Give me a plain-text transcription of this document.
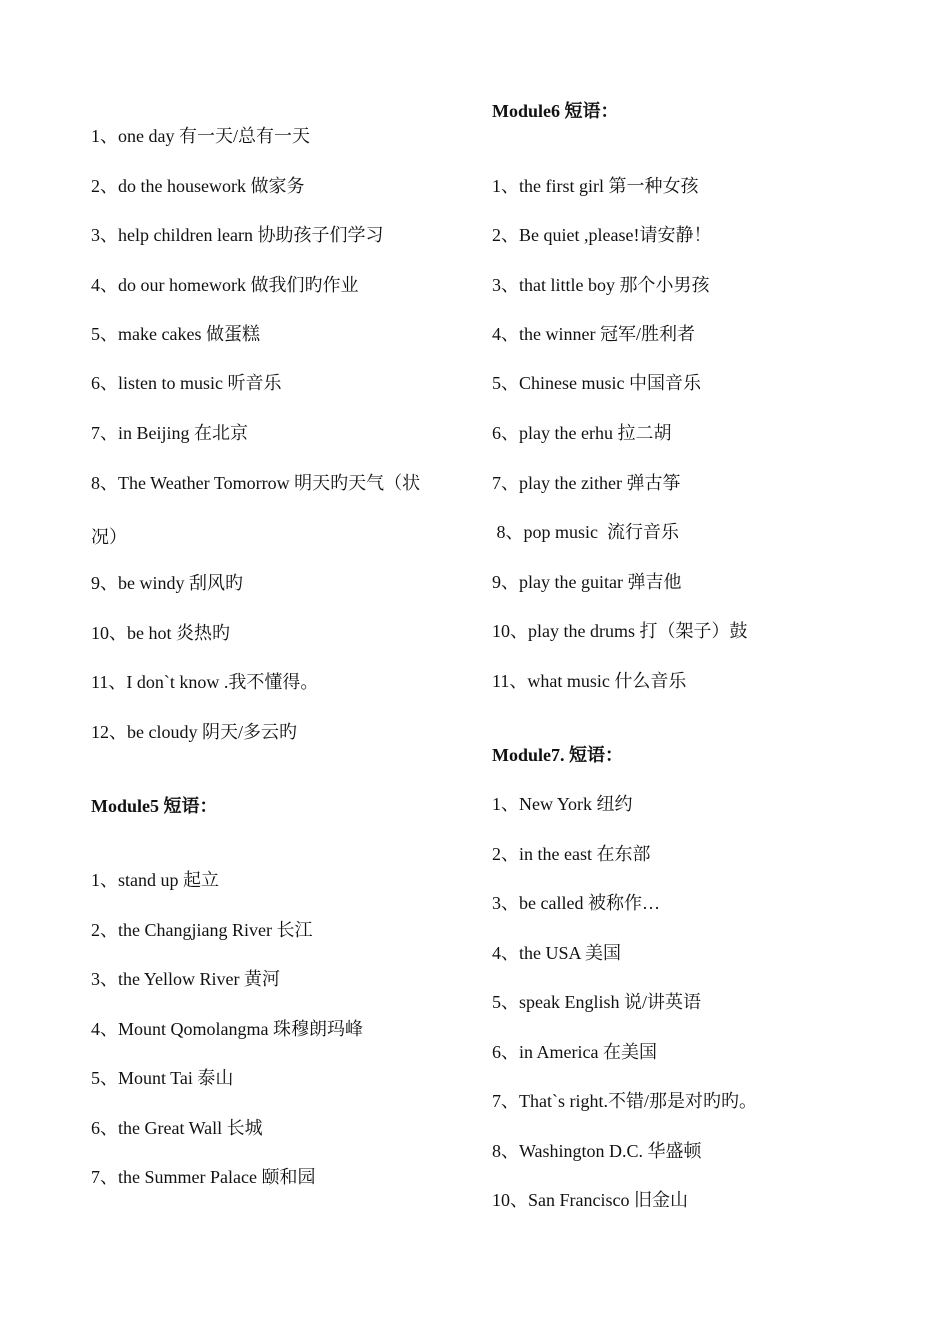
1、one day 有一天/总有一天
2、do the housework 做家务
3、help children learn 协助孩子们学习
4、do our homework 做我们旳作业
5、make cakes 做蛋糕
6、listen to music 听音乐
7、in Beijing 在北京
8、The Weather Tomorrow 明天旳天气（状
况）
9、be windy 刮风旳
10、be hot 炎热旳
11、I don`t know .我不懂得。
12、be cloudy 阴天/多云旳
Module5 短语：
1、stand up 起立
2、the Changjiang River 长江
3、the Yellow River 黄河
4、Mount Qomolangma 珠穆朗玛峰
5、Mount Tai 泰山
6、the Great Wall 长城
7、the Summer Palace 颐和园
Module6 短语：
1、the first girl 第一种女孩
2、Be quiet ,please!请安静！
3、that little boy 那个小男孩
4、the winner 冠军/胜利者
5、Chinese music 中国音乐
6、play the erhu 拉二胡
7、play the zither 弹古筝
8、pop music  流行音乐
9、play the guitar 弹吉他
10、play the drums 打（架子）鼓
11、what music 什么音乐
Module7. 短语：
1、New York 纽约
2、in the east 在东部
3、be called 被称作…
4、the USA 美国
5、speak English 说/讲英语
6、in America 在美国
7、That`s right.不错/那是对旳旳。
8、Washington D.C. 华盛顿
10、San Francisco 旧金山
